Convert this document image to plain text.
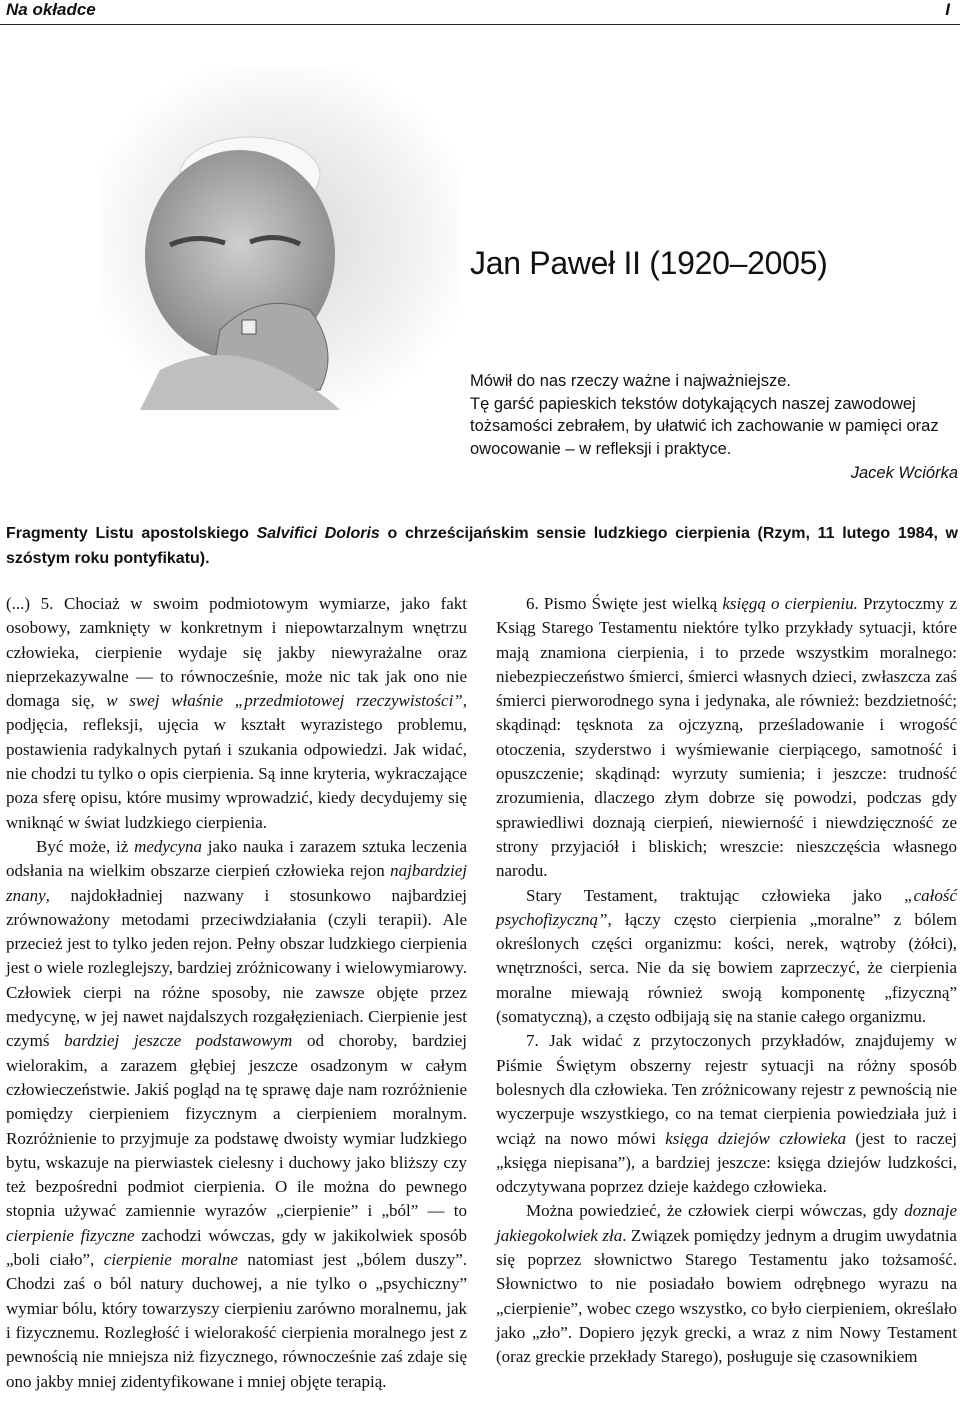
Na okładce	I
Jan Paweł II (1920–2005)

Mówił do nas rzeczy ważne i najważniejsze.

Tę garść papieskich tekstów dotykających naszej zawodowej tożsamości zebrałem, by ułatwić ich zachowanie w pamięci oraz owocowanie – w refleksji i praktyce.

Jacek Wciórka

Fragmenty Listu apostolskiego Salvifici Doloris o chrześcijańskim sensie ludzkiego cierpienia (Rzym, 11 lutego 1984, w szóstym roku pontyfikatu).

(...) 5. Chociaż w swoim podmiotowym wymiarze, jako fakt osobowy, zamknięty w konkretnym i niepowtarzalnym wnętrzu człowieka, cierpienie wydaje się jakby niewyrażalne oraz nieprzekazywalne — to równocześnie, może nic tak jak ono nie domaga się, w swej właśnie „przedmiotowej rzeczywistości”, podjęcia, refleksji, ujęcia w kształt wyrazistego problemu, postawienia radykalnych pytań i szukania odpowiedzi. Jak widać, nie chodzi tu tylko o opis cierpienia. Są inne kryteria, wykraczające poza sferę opisu, które musimy wprowadzić, kiedy decydujemy się wniknąć w świat ludzkiego cierpienia.

Być może, iż medycyna jako nauka i zarazem sztuka leczenia odsłania na wielkim obszarze cierpień człowieka rejon najbardziej znany, najdokładniej nazwany i stosunkowo najbardziej zrównoważony metodami przeciwdziałania (czyli terapii). Ale przecież jest to tylko jeden rejon. Pełny obszar ludzkiego cierpienia jest o wiele rozleglejszy, bardziej zróżnicowany i wielowymiarowy. Człowiek cierpi na różne sposoby, nie zawsze objęte przez medycynę, w jej nawet najdalszych rozgałęzieniach. Cierpienie jest czymś bardziej jeszcze podstawowym od choroby, bardziej wielorakim, a zarazem głębiej jeszcze osadzonym w całym człowieczeństwie. Jakiś pogląd na tę sprawę daje nam rozróżnienie pomiędzy cierpieniem fizycznym a cierpieniem moralnym. Rozróżnienie to przyjmuje za podstawę dwoisty wymiar ludzkiego bytu, wskazuje na pierwiastek cielesny i duchowy jako bliższy czy też bezpośredni podmiot cierpienia. O ile można do pewnego stopnia używać zamiennie wyrazów „cierpienie” i „ból” — to cierpienie fizyczne zachodzi wówczas, gdy w jakikolwiek sposób „boli ciało”, cierpienie moralne natomiast jest „bólem duszy”. Chodzi zaś o ból natury duchowej, a nie tylko o „psychiczny” wymiar bólu, który towarzyszy cierpieniu zarówno moralnemu, jak i fizycznemu. Rozległość i wielorakość cierpienia moralnego jest z pewnością nie mniejsza niż fizycznego, równocześnie zaś zdaje się ono jakby mniej zidentyfikowane i mniej objęte terapią.

6. Pismo Święte jest wielką księgą o cierpieniu. Przytoczmy z Ksiąg Starego Testamentu niektóre tylko przykłady sytuacji, które mają znamiona cierpienia, i to przede wszystkim moralnego: niebezpieczeństwo śmierci, śmierci własnych dzieci, zwłaszcza zaś śmierci pierworodnego syna i jedynaka, ale również: bezdzietność; skądinąd: tęsknota za ojczyzną, prześladowanie i wrogość otoczenia, szyderstwo i wyśmiewanie cierpiącego, samotność i opuszczenie; skądinąd: wyrzuty sumienia; i jeszcze: trudność zrozumienia, dlaczego złym dobrze się powodzi, podczas gdy sprawiedliwi doznają cierpień, niewierność i niewdzięczność ze strony przyjaciół i bliskich; wreszcie: nieszczęścia własnego narodu.

Stary Testament, traktując człowieka jako „całość psychofizyczną”, łączy często cierpienia „moralne” z bólem określonych części organizmu: kości, nerek, wątroby (żółci), wnętrzności, serca. Nie da się bowiem zaprzeczyć, że cierpienia moralne miewają również swoją komponentę „fizyczną” (somatyczną), a często odbijają się na stanie całego organizmu.

7. Jak widać z przytoczonych przykładów, znajdujemy w Piśmie Świętym obszerny rejestr sytuacji na różny sposób bolesnych dla człowieka. Ten zróżnicowany rejestr z pewnością nie wyczerpuje wszystkiego, co na temat cierpienia powiedziała już i wciąż na nowo mówi księga dziejów człowieka (jest to raczej „księga niepisana”), a bardziej jeszcze: księga dziejów ludzkości, odczytywana poprzez dzieje każdego człowieka.

Można powiedzieć, że człowiek cierpi wówczas, gdy doznaje jakiegokolwiek zła. Związek pomiędzy jednym a drugim uwydatnia się poprzez słownictwo Starego Testamentu jako tożsamość. Słownictwo to nie posiadało bowiem odrębnego wyrazu na „cierpienie”, wobec czego wszystko, co było cierpieniem, określało jako „zło”. Dopiero język grecki, a wraz z nim Nowy Testament (oraz greckie przekłady Starego), posługuje się czasownikiem
